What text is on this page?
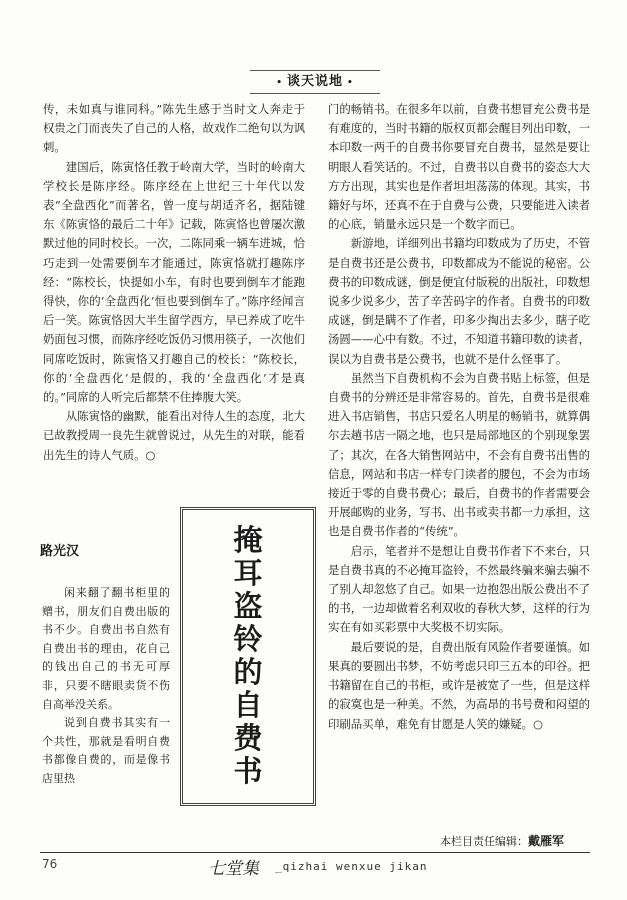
• 谈天说地 •

传，未如真与谁同科。”陈先生感于当时文人奔走于权贵之门而丧失了自己的人格，故戏作二绝句以为讽刺。

建国后，陈寅恪任教于岭南大学，当时的岭南大学校长是陈序经。陈序经在上世纪三十年代以发表“全盘西化”而著名，曾一度与胡适齐名，据陆键东《陈寅恪的最后二十年》记载，陈寅恪也曾屡次激默过他的同时校长。一次，二陈同乘一辆车进城，恰巧走到一处需要倒车才能通过，陈寅恪就打趣陈序经：“陈校长，快提如小车，有时也要到倒车才能跑得快，你的‘全盘西化’恒也要到倒车了。”陈序经闻言后一笑。陈寅恪因大半生留学西方，早已养成了吃牛奶面包习惯，而陈序经吃饭仍习惯用筷子，一次他们同席吃饭时，陈寅恪又打趣自己的校长：“陈校长，你的‘全盘西化’是假的，我的‘全盘西化’才是真的。”同席的人听完后都禁不住捧腹大笑。

从陈寅恪的幽默，能看出对待人生的态度，北大已故教授周一良先生就曾说过，从先生的对联，能看出先生的诗人气质。○

路光汉	掩
耳
盗
铃
的
自
费
书

闲来翻了翻书柜里的赠书，朋友们自费出版的书不少。自费出书自然有自费出书的理由，花自己的钱出自己的书无可厚非，只要不瞎眼卖货不伤自高举没关系。

说到自费书其实有一个共性，那就是看明自费书都像自费的，而是像书店里热

门的畅销书。在很多年以前，自费书想冒充公费书是有难度的，当时书籍的版权页都会醒目列出印数，一本印数一两千的自费书你要冒充自费书，显然是要让明眼人看笑话的。不过，自费书以自费书的姿态大大方方出现，其实也是作者坦坦荡荡的体现。其实，书籍好与坏，还真不在于自费与公费，只要能进入读者的心底，销量永远只是一个数字而已。

新游地，详细列出书籍均印数成为了历史，不管是自费书还是公费书，印数都成为不能说的秘密。公费书的印数成谜，倒是便宜付版税的出版社，印数想说多少说多少，苦了辛苦码字的作者。自费书的印数成谜，倒是瞒不了作者，印多少掏出去多少，瞎子吃汤圆——心中有数。不过，不知道书籍印数的读者，误以为自费书是公费书，也就不是什么怪事了。

虽然当下自费机构不会为自费书贴上标签，但是自费书的分辨还是非常容易的。首先，自费书是很难进入书店销售，书店只爱名人明星的畅销书，就算偶尔去趟书店一隔之地，也只是局部地区的个别现象罢了；其次，在各大销售网站中，不会有自费书出售的信息，网站和书店一样专门读者的腰包，不会为市场接近于零的自费书费心；最后，自费书的作者需要会开展邮购的业务，写书、出书或卖书都一力承担，这也是自费书作者的“传统”。

启示，笔者并不是想让自费书作者下不来台，只是自费书真的不必掩耳盗铃，不然最终骗来骗去骗不了别人却忽悠了自己。如果一边抱怨出版公费出不了的书，一边却做着名利双收的春秋大梦，这样的行为实在有如买彩票中大奖极不切实际。

最后要说的是，自费出版有风险作者要谨慎。如果真的要圆出书梦，不妨考虑只印三五本的印谷。把书籍留在自己的书柜，或许是被宽了一些，但是这样的寂寞也是一种美。不然，为高昂的书号费和闷望的印刷品买单，难免有甘愿是人笑的嫌疑。○

本栏目责任编辑：戴雁军
76	七堂集 _qizhai wenxue jikan
